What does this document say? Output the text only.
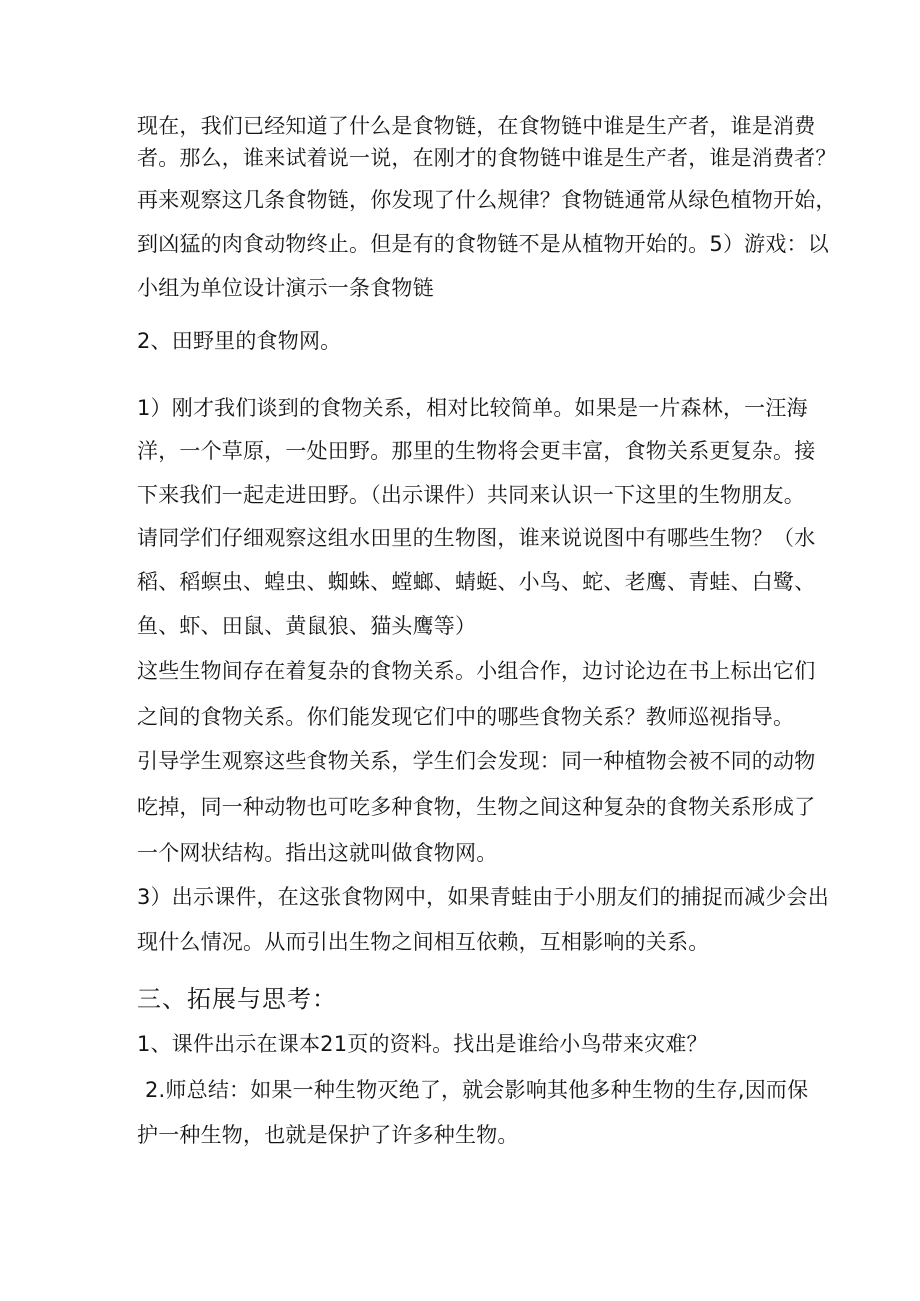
现在，我们已经知道了什么是食物链，在食物链中谁是生产者，谁是消费
者。那么，谁来试着说一说，在刚才的食物链中谁是生产者，谁是消费者？
再来观察这几条食物链，你发现了什么规律？食物链通常从绿色植物开始，
到凶猛的肉食动物终止。但是有的食物链不是从植物开始的。5）游戏：以
小组为单位设计演示一条食物链
2、田野里的食物网。
1）刚才我们谈到的食物关系，相对比较简单。如果是一片森林，一汪海
洋，一个草原，一处田野。那里的生物将会更丰富，食物关系更复杂。接
下来我们一起走进田野。（出示课件）共同来认识一下这里的生物朋友。
请同学们仔细观察这组水田里的生物图，谁来说说图中有哪些生物？（水
稻、稻螟虫、蝗虫、蜘蛛、螳螂、蜻蜓、小鸟、蛇、老鹰、青蛙、白鹭、
鱼、虾、田鼠、黄鼠狼、猫头鹰等）
这些生物间存在着复杂的食物关系。小组合作，边讨论边在书上标出它们
之间的食物关系。你们能发现它们中的哪些食物关系？教师巡视指导。
引导学生观察这些食物关系，学生们会发现：同一种植物会被不同的动物
吃掉，同一种动物也可吃多种食物，生物之间这种复杂的食物关系形成了
一个网状结构。指出这就叫做食物网。
3）出示课件，在这张食物网中，如果青蛙由于小朋友们的捕捉而减少会出
现什么情况。从而引出生物之间相互依赖，互相影响的关系。
三、拓展与思考：
1、课件出示在课本21页的资料。找出是谁给小鸟带来灾难？
2.师总结：如果一种生物灭绝了，就会影响其他多种生物的生存,因而保
护一种生物，也就是保护了许多种生物。
